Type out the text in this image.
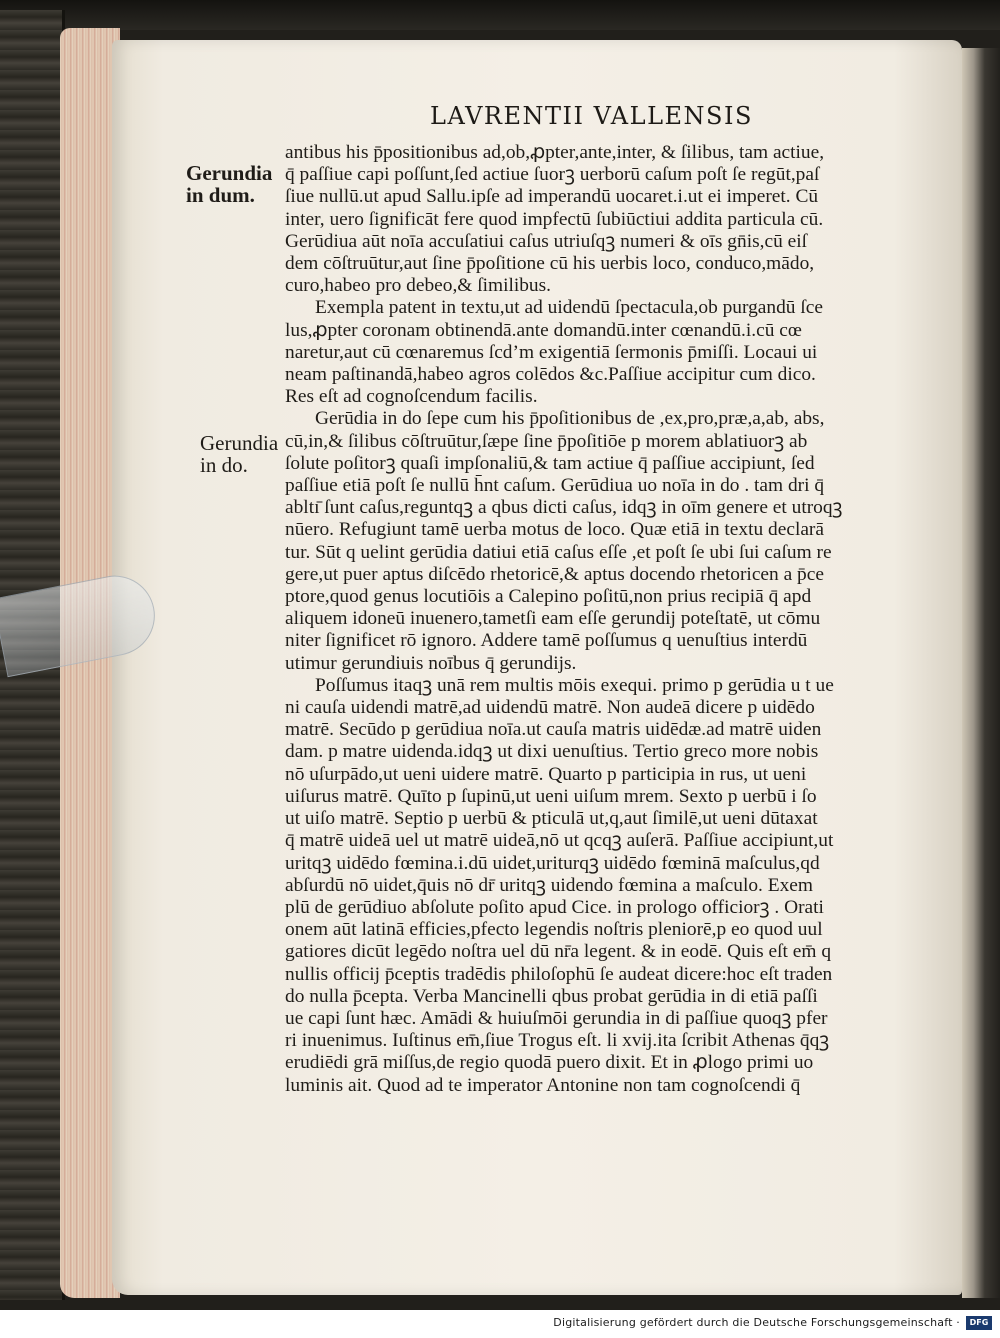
LAVRENTII VALLENSIS
Gerundia in dum.
Gerundia in do.
antibus his p̄positionibus ad,ob,ꝓpter,ante,inter, & ſilibus, tam actiue,
q̄ paſſiue capi poſſunt,ſed actiue ſuorꝫ uerborū caſum poſt ſe regūt,paſ
ſiue nullū.ut apud Sallu.ipſe ad imperandū uocaret.i.ut ei imperet. Cū
inter, uero ſignificāt fere quod impfectū ſubiūctiui addita particula cū.
Gerūdiua aūt noīa accuſatiui caſus utriuſqꝫ numeri & oīs gn̄is,cū eiſ
dem cōſtruūtur,aut ſine p̄poſitione cū his uerbis loco, conduco,mādo,
curo,habeo pro debeo,& ſimilibus.
Exempla patent in textu,ut ad uidendū ſpectacula,ob purgandū ſce
lus,ꝓpter coronam obtinendā.ante domandū.inter cœnandū.i.cū cœ
naretur,aut cū cœnaremus ſcd’m exigentiā ſermonis p̄miſſi. Locaui ui
neam paſtinandā,habeo agros colēdos &c.Paſſiue accipitur cum dico.
Res eſt ad cognoſcendum facilis.
Gerūdia in do ſepe cum his p̄poſitionibus de ,ex,pro,præ,a,ab, abs,
cū,in,& ſilibus cōſtruūtur,ſæpe ſine p̄poſitiōe p morem ablatiuorꝫ ab
ſolute poſitorꝫ quaſi impſonaliū,& tam actiue q̄ paſſiue accipiunt, ſed
paſſiue etiā poſt ſe nullū h̄nt caſum. Gerūdiua uo noīa in do . tam dri q̄
abltı̄ ſunt caſus,reguntqꝫ a qbus dicti caſus, idqꝫ in oīm genere et utroqꝫ
nūero. Refugiunt tamē uerba motus de loco. Quæ etiā in textu declarā
tur. Sūt q uelint gerūdia datiui etiā caſus eſſe ,et poſt ſe ubi ſui caſum re
gere,ut puer aptus diſcēdo rhetoricē,& aptus docendo rhetoricen a p̄ce
ptore,quod genus locutiōis a Calepino poſitū,non prius recipiā q̄ apd
aliquem idoneū inuenero,tametſi eam eſſe gerundij poteſtatē, ut cōmu
niter ſignificet rō ignoro. Addere tamē poſſumus q uenuſtius interdū
utimur gerundiuis noībus q̄ gerundijs.
Poſſumus itaqꝫ unā rem multis mōis exequi. primo p gerūdia u t ue
ni cauſa uidendi matrē,ad uidendū matrē. Non audeā dicere p uidēdo
matrē. Secūdo p gerūdiua noīa.ut cauſa matris uidēdæ.ad matrē uiden
dam. p matre uidenda.idqꝫ ut dixi uenuſtius. Tertio greco more nobis
nō uſurpādo,ut ueni uidere matrē. Quarto p participia in rus, ut ueni
uiſurus matrē. Quīto p ſupinū,ut ueni uiſum mrem. Sexto p uerbū i ſo
ut uiſo matrē. Septio p uerbū & pticulā ut,q,aut ſimilē,ut ueni dūtaxat
q̄ matrē uideā uel ut matrē uideā,nō ut qcqꝫ auſerā. Paſſiue accipiunt,ut
uritqꝫ uidēdo fœmina.i.dū uidet,uriturqꝫ uidēdo fœminā maſculus,qd
abſurdū nō uidet,q̄uis nō dr̄ uritqꝫ uidendo fœmina a maſculo. Exem
plū de gerūdiuo abſolute poſito apud Cice. in prologo officiorꝫ . Orati
onem aūt latinā efficies,pfecto legendis noſtris pleniorē,p eo quod uul
gatiores dicūt legēdo noſtra uel dū nr̄a legent. & in eodē. Quis eſt em̄ q
nullis officij p̄ceptis tradēdis philoſophū ſe audeat dicere:hoc eſt traden
do nulla p̄cepta. Verba Mancinelli qbus probat gerūdia in di etiā paſſi
ue capi ſunt hæc. Amādi & huiuſmōi gerundia in di paſſiue quoqꝫ pfer
ri inuenimus. Iuſtinus em̄,ſiue Trogus eſt. li xvij.ita ſcribit Athenas q̄qꝫ
erudiēdi grā miſſus,de regio quodā puero dixit. Et in ꝓlogo primi uo
luminis ait. Quod ad te imperator Antonine non tam cognoſcendi q̄
Digitalisierung gefördert durch die Deutsche Forschungsgemeinschaft ·	DFG
